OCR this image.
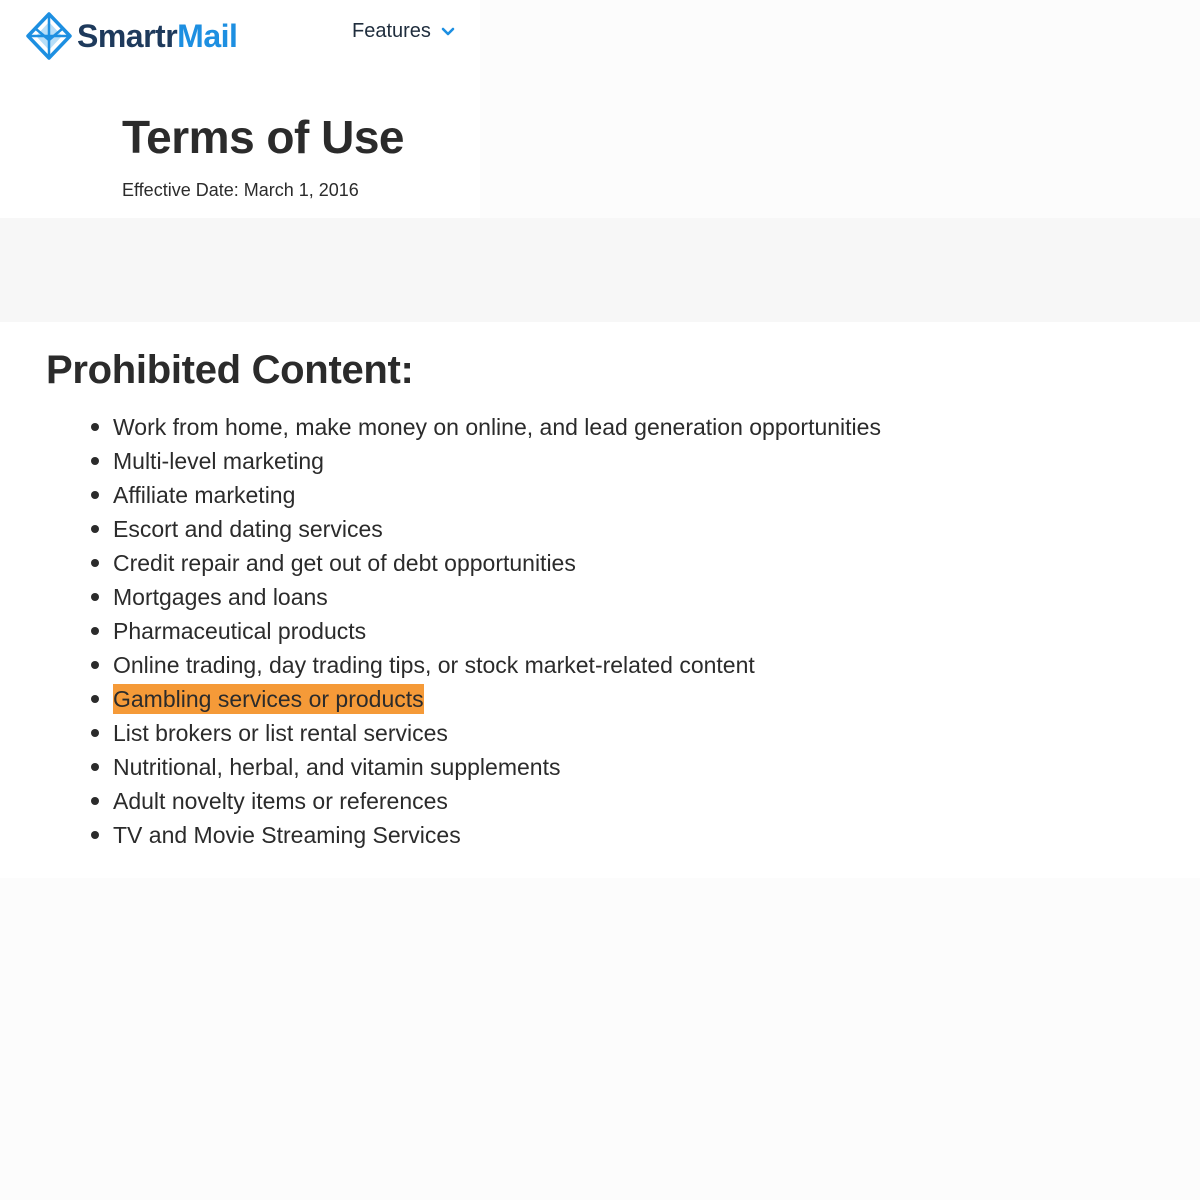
SmartrMail	Features
Terms of Use
Effective Date: March 1, 2016
Prohibited Content:
Work from home, make money on online, and lead generation opportunities
Multi-level marketing
Affiliate marketing
Escort and dating services
Credit repair and get out of debt opportunities
Mortgages and loans
Pharmaceutical products
Online trading, day trading tips, or stock market-related content
Gambling services or products
List brokers or list rental services
Nutritional, herbal, and vitamin supplements
Adult novelty items or references
TV and Movie Streaming Services
